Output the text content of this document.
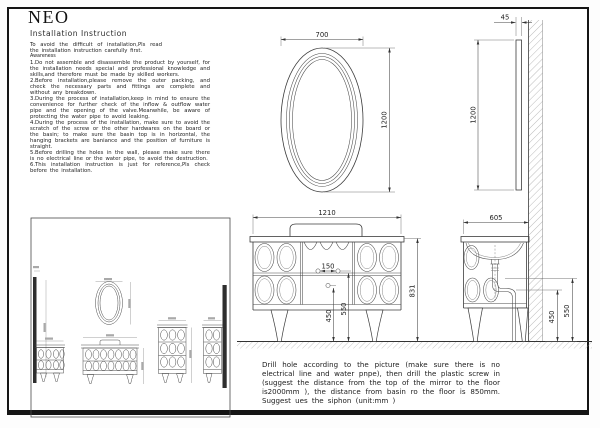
NEO
Installation Instruction
To avoid the difficult of installation,Pls read the installation instruction carefully first.
Awareness
1.Do not assemble and disassemble the product by yourself, for the installation needs special and professional knowledge and skills,and therefore must be made by skilled workers.
2.Before installation,please remove the outer packing, and check the necessary parts and fittings are complete and without any breakdown.
3.During the process of installation,keep in mind to ensure the convenience for further check of the inflow & outflow water pipe and the opening of the valve.Meanwhile, be aware of protecting the water pipe to avoid leaking.
4.During the process of the installation, make sure to avoid the scratch of the screw or the other hardwares on the board or the basin; to make sure the basin top is in horizontal, the hanging brackets are baniance and the position of furniture is straight.
5.Before drilling the holes in the wall, please make sure there is no electrical line or the water pipe, to avoid the destruction.
6.This installation instruction is just for reference,Pls check before the installation.
700
1200
45
1200
150
450
550
1210
831
605
450 550
Drill hole according to the picture (make sure there is no electrical line and water pnpe), then drill the plastic screw in (suggest the distance from the top of the mirror to the floor is2000mm ), the distance from basin ro the floor is 850mm. Suggest ues the siphon (unit:mm )
